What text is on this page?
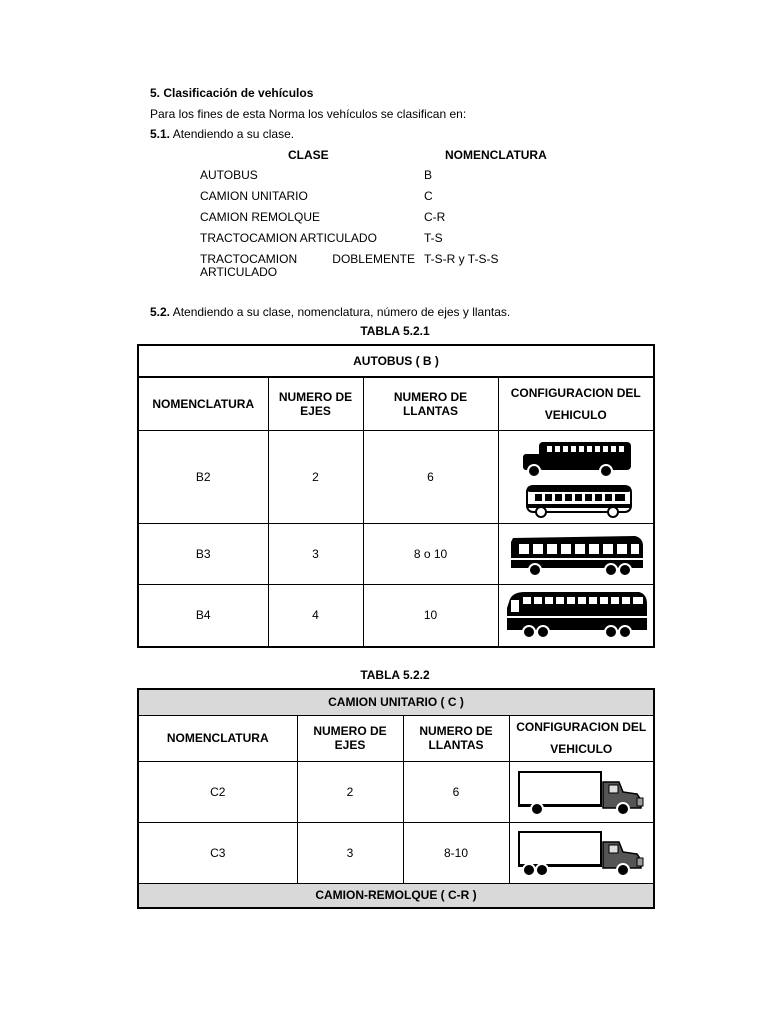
5. Clasificación de vehículos
Para los fines de esta Norma los vehículos se clasifican en:
5.1. Atendiendo a su clase.
CLASE	NOMENCLATURA
AUTOBUS	B
CAMION UNITARIO	C
CAMION REMOLQUE	C-R
TRACTOCAMION ARTICULADO	T-S
TRACTOCAMION DOBLEMENTE T-S-R y T-S-S
ARTICULADO
5.2. Atendiendo a su clase, nomenclatura, número de ejes y llantas.
TABLA 5.2.1
AUTOBUS ( B )			
NOMENCLATURA	NUMERO DE EJES	NUMERO DE LLANTAS	CONFIGURACION DEL VEHICULO
B2	2	6	

B3	3	8 o 10	

B4	4	10	
TABLA 5.2.2
CAMION UNITARIO ( C )			
NOMENCLATURA	NUMERO DE EJES	NUMERO DE LLANTAS	CONFIGURACION DEL VEHICULO
C2	2	6	

C3	3	8-10	

CAMION-REMOLQUE ( C-R )			
